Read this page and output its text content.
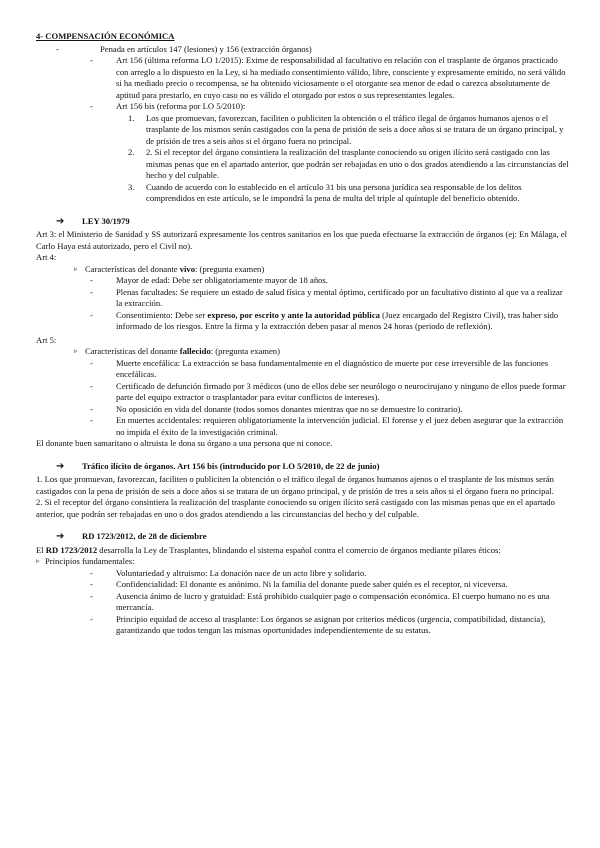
4- COMPENSACIÓN ECONÓMICA

-	Penada en artículos 147 (lesiones) y 156 (extracción órganos)
-	Art 156 (última reforma LO 1/2015): Exime de responsabilidad al facultativo en relación con el trasplante de órganos practicado con arreglo a lo dispuesto en la Ley, si ha mediado consentimiento válido, libre, consciente y expresamente emitido, no será válido si ha mediado precio o recompensa, se ha obtenido viciosamente o el otorgante sea menor de edad o carezca absolutamente de aptitud para prestarlo, en cuyo caso no es válido el otorgado por estos o sus representantes legales.
-	Art 156 bis (reforma por LO 5/2010):
1.	Los que promuevan, favorezcan, faciliten o publiciten la obtención o el tráfico ilegal de órganos humanos ajenos o el trasplante de los mismos serán castigados con la pena de prisión de seis a doce años si se tratara de un órgano principal, y de prisión de tres a seis años si el órgano fuera no principal.
2.	2. Si el receptor del órgano consintiera la realización del trasplante conociendo su origen ilícito será castigado con las mismas penas que en el apartado anterior, que podrán ser rebajadas en uno o dos grados atendiendo a las circunstancias del hecho y del culpable.
3.	Cuando de acuerdo con lo establecido en el artículo 31 bis una persona jurídica sea responsable de los delitos comprendidos en este artículo, se le impondrá la pena de multa del triple al quíntuple del beneficio obtenido.
➔	LEY 30/1979

Art 3: el Ministerio de Sanidad y SS autorizará expresamente los centros sanitarios en los que pueda efectuarse la extracción de órganos (ej: En Málaga, el Carlo Haya está autorizado, pero el Civil no).

Art 4:

▹ Características del donante vivo: (pregunta examen)
-	Mayor de edad: Debe ser obligatoriamente mayor de 18 años.
-	Plenas facultades: Se requiere un estado de salud física y mental óptimo, certificado por un facultativo distinto al que va a realizar la extracción.
-	Consentimiento: Debe ser expreso, por escrito y ante la autoridad pública (Juez encargado del Registro Civil), tras haber sido informado de los riesgos. Entre la firma y la extracción deben pasar al menos 24 horas (periodo de reflexión).

Art 5:

▹ Características del donante fallecido: (pregunta examen)
-	Muerte encefálica: La extracción se basa fundamentalmente en el diagnóstico de muerte por cese irreversible de las funciones encefálicas.
-	Certificado de defunción firmado por 3 médicos (uno de ellos debe ser neurólogo o neurocirujano y ninguno de ellos puede formar parte del equipo extractor o trasplantador para evitar conflictos de intereses).
-	No oposición en vida del donante (todos somos donantes mientras que no se demuestre lo contrario).
-	En muertes accidentales: requieren obligatoriamente la intervención judicial. El forense y el juez deben asegurar que la extracción no impida el éxito de la investigación criminal.

El donante buen samaritano o altruista le dona su órgano a una persona que ni conoce.

➔	Tráfico ilícito de órganos. Art 156 bis (introducido por LO 5/2010, de 22 de junio)

1. Los que promuevan, favorezcan, faciliten o publiciten la obtención o el tráfico ilegal de órganos humanos ajenos o el trasplante de los mismos serán castigados con la pena de prisión de seis a doce años si se tratara de un órgano principal, y de prisión de tres a seis años si el órgano fuera no principal.

2. Si el receptor del órgano consintiera la realización del trasplante conociendo su origen ilícito será castigado con las mismas penas que en el apartado anterior, que podrán ser rebajadas en uno o dos grados atendiendo a las circunstancias del hecho y del culpable.

➔	RD 1723/2012, de 28 de diciembre

El RD 1723/2012 desarrolla la Ley de Trasplantes, blindando el sistema español contra el comercio de órganos mediante pilares éticos:

▹ Principios fundamentales:
-	Voluntariedad y altruismo: La donación nace de un acto libre y solidario.
-	Confidencialidad: El donante es anónimo. Ni la familia del donante puede saber quién es el receptor, ni viceversa.
-	Ausencia ánimo de lucro y gratuidad: Está prohibido cualquier pago o compensación económica. El cuerpo humano no es una mercancía.
-	Principio equidad de acceso al trasplante: Los órganos se asignan por criterios médicos (urgencia, compatibilidad, distancia), garantizando que todos tengan las mismas oportunidades independientemente de su estatus.
